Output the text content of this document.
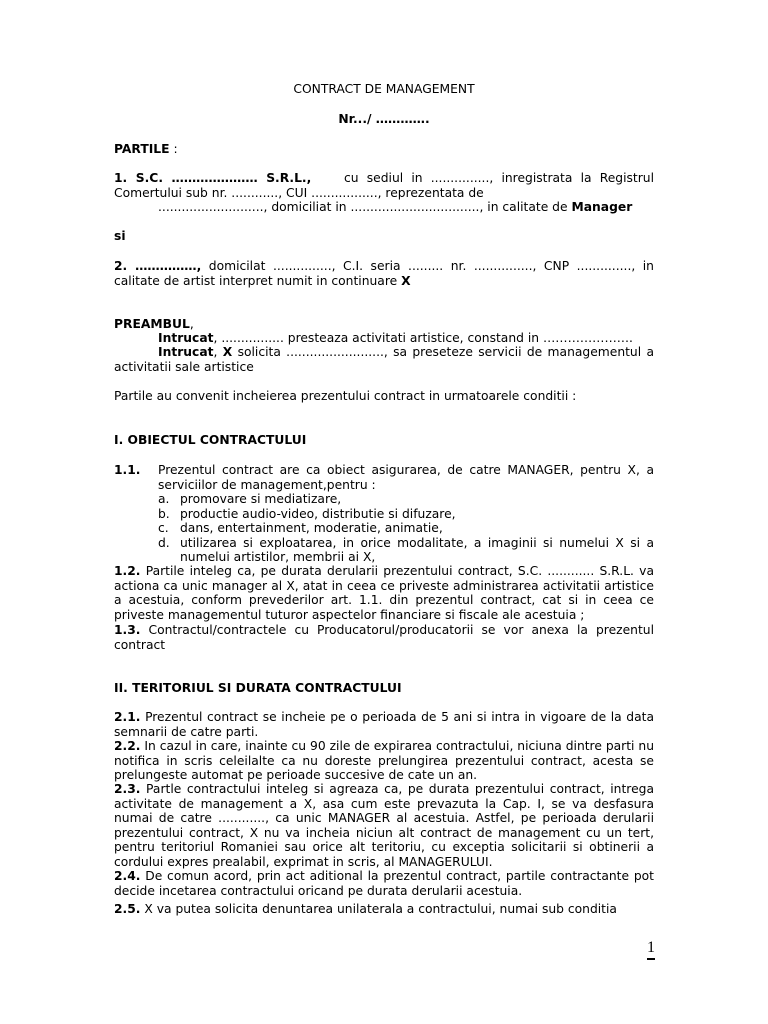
CONTRACT DE MANAGEMENT
Nr.../ ………….
PARTILE :
1. S.C. ………………… S.R.L.,	cu sediul in ..............., inregistrata la Registrul Comertului sub nr. ............, CUI ................., reprezentata de
..........................., domiciliat in ................................., in calitate de Manager
si
2. ……………, domicilat ..............., C.I. seria ......... nr. ..............., CNP .............., in calitate de artist interpret numit in continuare X
PREAMBUL,
Intrucat, ................ presteaza activitati artistice, constand in ………………….
Intrucat, X solicita ........................., sa preseteze servicii de managementul a activitatii sale artistice
Partile au convenit incheierea prezentului contract in urmatoarele conditii :
I. OBIECTUL CONTRACTULUI
1.1. Prezentul contract are ca obiect asigurarea, de catre MANAGER, pentru X, a serviciilor de management,pentru :
a. promovare si mediatizare,
b. productie audio-video, distributie si difuzare,
c. dans, entertainment, moderatie, animatie,
d. utilizarea si exploatarea, in orice modalitate, a imaginii si numelui X si a numelui artistilor, membrii ai X,
1.2. Partile inteleg ca, pe durata derularii prezentului contract, S.C. ............ S.R.L. va actiona ca unic manager al X, atat in ceea ce priveste administrarea activitatii artistice a acestuia, conform prevederilor art. 1.1. din prezentul contract, cat si in ceea ce priveste managementul tuturor aspectelor financiare si fiscale ale acestuia ;
1.3. Contractul/contractele cu Producatorul/producatorii se vor anexa la prezentul contract
II. TERITORIUL SI DURATA CONTRACTULUI
2.1. Prezentul contract se incheie pe o perioada de 5 ani si intra in vigoare de la data semnarii de catre parti.
2.2. In cazul in care, inainte cu 90 zile de expirarea contractului, niciuna dintre parti nu notifica in scris celeilalte ca nu doreste prelungirea prezentului contract, acesta se prelungeste automat pe perioade succesive de cate un an.
2.3. Partle contractului inteleg si agreaza ca, pe durata prezentului contract, intrega activitate de management a X, asa cum este prevazuta la Cap. I, se va desfasura numai de catre ............, ca unic MANAGER al acestuia. Astfel, pe perioada derularii prezentului contract, X nu va incheia niciun alt contract de management cu un tert, pentru teritoriul Romaniei sau orice alt teritoriu, cu exceptia solicitarii si obtinerii a cordului expres prealabil, exprimat in scris, al MANAGERULUI.
2.4. De comun acord, prin act aditional la prezentul contract, partile contractante pot decide incetarea contractului oricand pe durata derularii acestuia.
2.5. X va putea solicita denuntarea unilaterala a contractului, numai sub conditia
1
